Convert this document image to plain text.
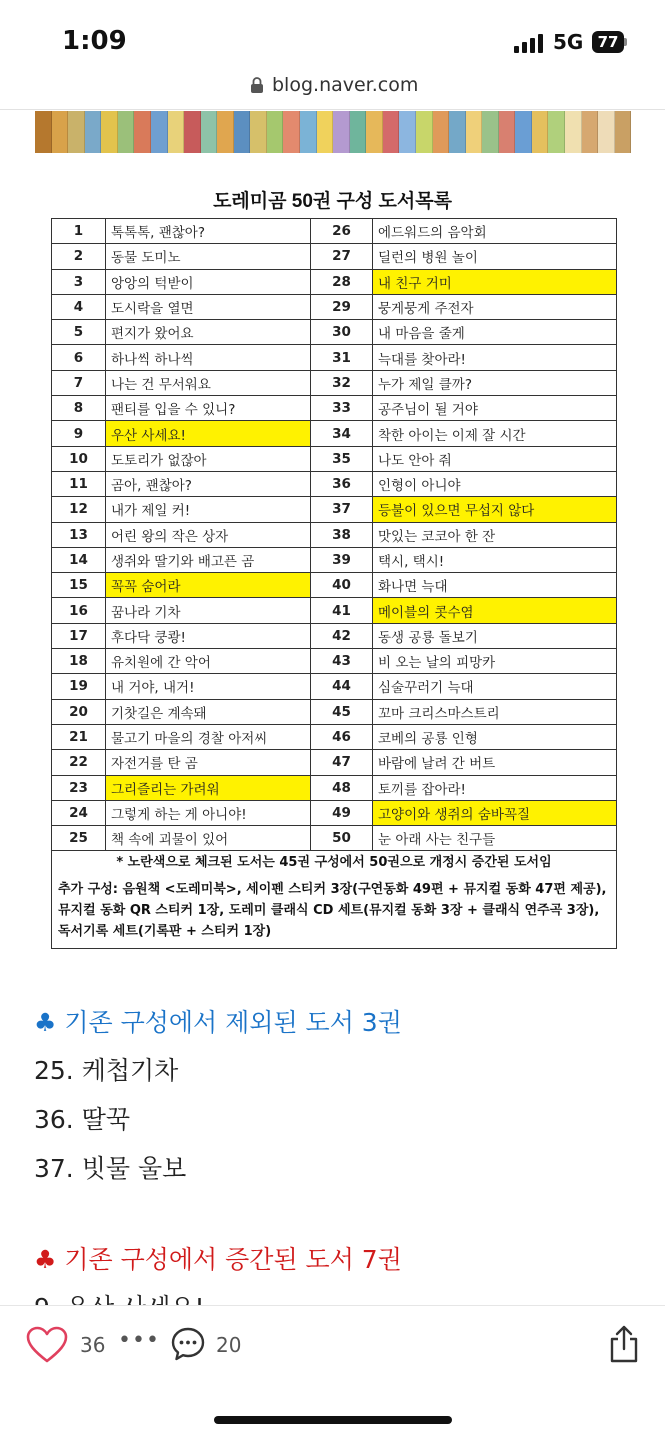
1:09	5G 77
blog.naver.com
도레미곰 50권 구성 도서목록
1	톡톡톡, 괜찮아?	26	에드워드의 음악회
2	동물 도미노	27	딜런의 병원 놀이
3	앙앙의 턱받이	28	내 친구 거미
4	도시락을 열면	29	뭉게뭉게 주전자
5	편지가 왔어요	30	내 마음을 줄게
6	하나씩 하나씩	31	늑대를 찾아라!
7	나는 건 무서워요	32	누가 제일 클까?
8	팬티를 입을 수 있니?	33	공주님이 될 거야
9	우산 사세요!	34	착한 아이는 이제 잘 시간
10	도토리가 없잖아	35	나도 안아 줘
11	곰아, 괜찮아?	36	인형이 아니야
12	내가 제일 커!	37	등불이 있으면 무섭지 않다
13	어린 왕의 작은 상자	38	맛있는 코코아 한 잔
14	생쥐와 딸기와 배고픈 곰	39	택시, 택시!
15	꼭꼭 숨어라	40	화나면 늑대
16	꿈나라 기차	41	메이블의 콧수염
17	후다닥 쿵쾅!	42	동생 공룡 돌보기
18	유치원에 간 악어	43	비 오는 날의 피망카
19	내 거야, 내거!	44	심술꾸러기 늑대
20	기찻길은 계속돼	45	꼬마 크리스마스트리
21	물고기 마을의 경찰 아저씨	46	코베의 공룡 인형
22	자전거를 탄 곰	47	바람에 날려 간 버트
23	그리즐리는 가려워	48	토끼를 잡아라!
24	그렇게 하는 게 아니야!	49	고양이와 생쥐의 숨바꼭질
25	책 속에 괴물이 있어	50	눈 아래 사는 친구들
* 노란색으로 체크된 도서는 45권 구성에서 50권으로 개정시 증간된 도서임
추가 구성: 음원책 <도레미북>, 세이펜 스티커 3장(구연동화 49편 + 뮤지컬 동화 47편 제공), 뮤지컬 동화 QR 스티커 1장, 도레미 클래식 CD 세트(뮤지컬 동화 3장 + 클래식 연주곡 3장), 독서기록 세트(기록판 + 스티커 1장)
♣ 기존 구성에서 제외된 도서 3권
25. 케첩기차
36. 딸꾹
37. 빗물 울보
♣ 기존 구성에서 증간된 도서 7권
36 •••	20
